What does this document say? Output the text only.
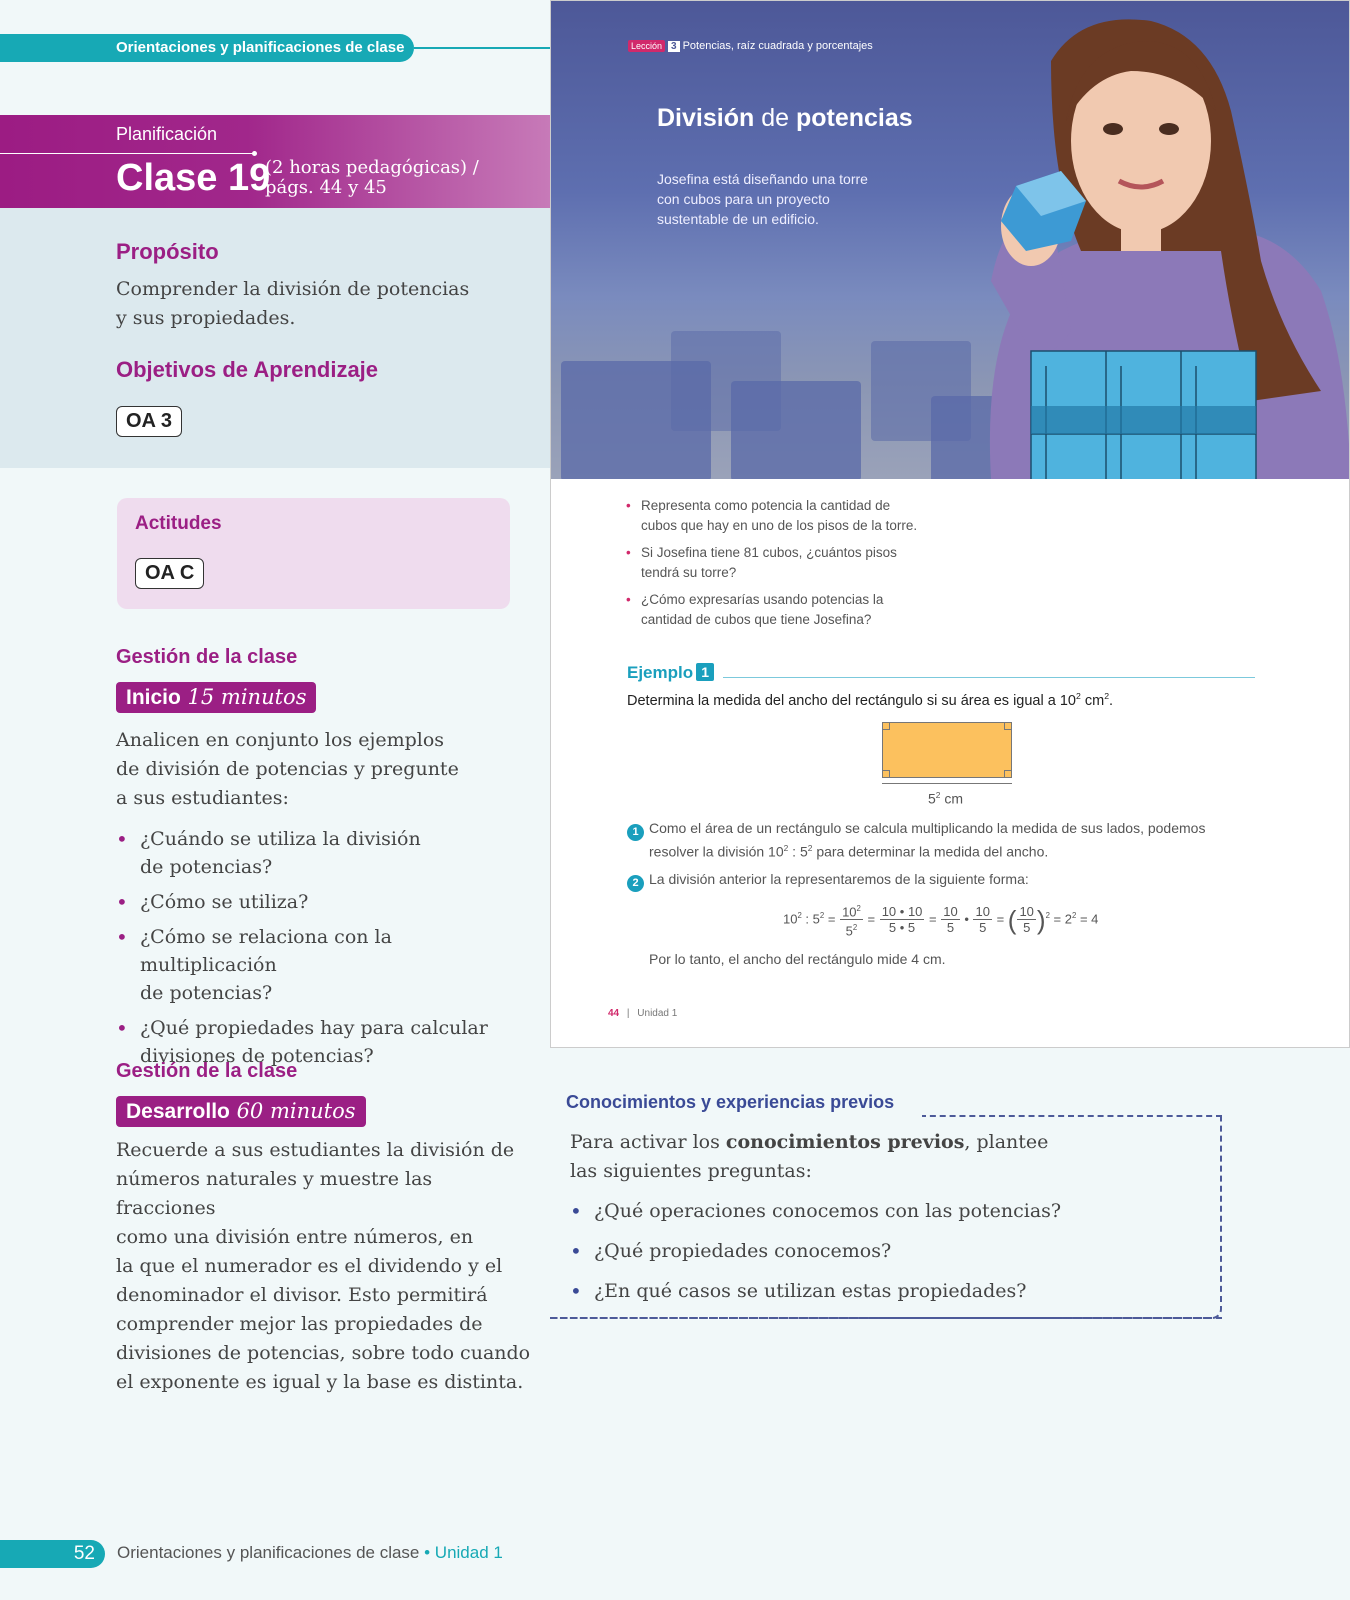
Orientaciones y planificaciones de clase
Planificación
Clase 19
(2 horas pedagógicas) /
págs. 44 y 45
Propósito
Comprender la división de potencias
y sus propiedades.
Objetivos de Aprendizaje
OA 3
Actitudes
OA C
Gestión de la clase
Inicio 15 minutos
Analicen en conjunto los ejemplos
de división de potencias y pregunte
a sus estudiantes:
• ¿Cuándo se utiliza la división
de potencias?
• ¿Cómo se utiliza?
• ¿Cómo se relaciona con la multiplicación
de potencias?
• ¿Qué propiedades hay para calcular
divisiones de potencias?
Gestión de la clase
Desarrollo 60 minutos
Recuerde a sus estudiantes la división de
números naturales y muestre las fracciones
como una división entre números, en
la que el numerador es el dividendo y el
denominador el divisor. Esto permitirá
comprender mejor las propiedades de
divisiones de potencias, sobre todo cuando
el exponente es igual y la base es distinta.
Lección 3 Potencias, raíz cuadrada y porcentajes
División de potencias
Josefina está diseñando una torre
con cubos para un proyecto
sustentable de un edificio.
• Representa como potencia la cantidad de
cubos que hay en uno de los pisos de la torre.
• Si Josefina tiene 81 cubos, ¿cuántos pisos
tendrá su torre?
• ¿Cómo expresarías usando potencias la
cantidad de cubos que tiene Josefina?
Ejemplo 1
Determina la medida del ancho del rectángulo si su área es igual a $10^2$ $cm^2$.
$5^2$ cm
1 Como el área de un rectángulo se calcula multiplicando la medida de sus lados, podemos
resolver la división $10^2$ : $5^2$ para determinar la medida del ancho.
2 La división anterior la representaremos de la siguiente forma:
$10^2$ : $5^2 = \frac{10^2}{5^2} = \frac{10 • 10}{5 • 5} = \frac{10}{5}$ • $\frac{10}{5}$ = ( $\frac{10}{5} )^2 = 2^2 = 4$
Por lo tanto, el ancho del rectángulo mide 4 cm.
44 | Unidad 1
Conocimientos y experiencias previos
Para activar los conocimientos previos, plantee
las siguientes preguntas:
• ¿Qué operaciones conocemos con las potencias?
• ¿Qué propiedades conocemos?
• ¿En qué casos se utilizan estas propiedades?
52	Orientaciones y planificaciones de clase • Unidad 1
